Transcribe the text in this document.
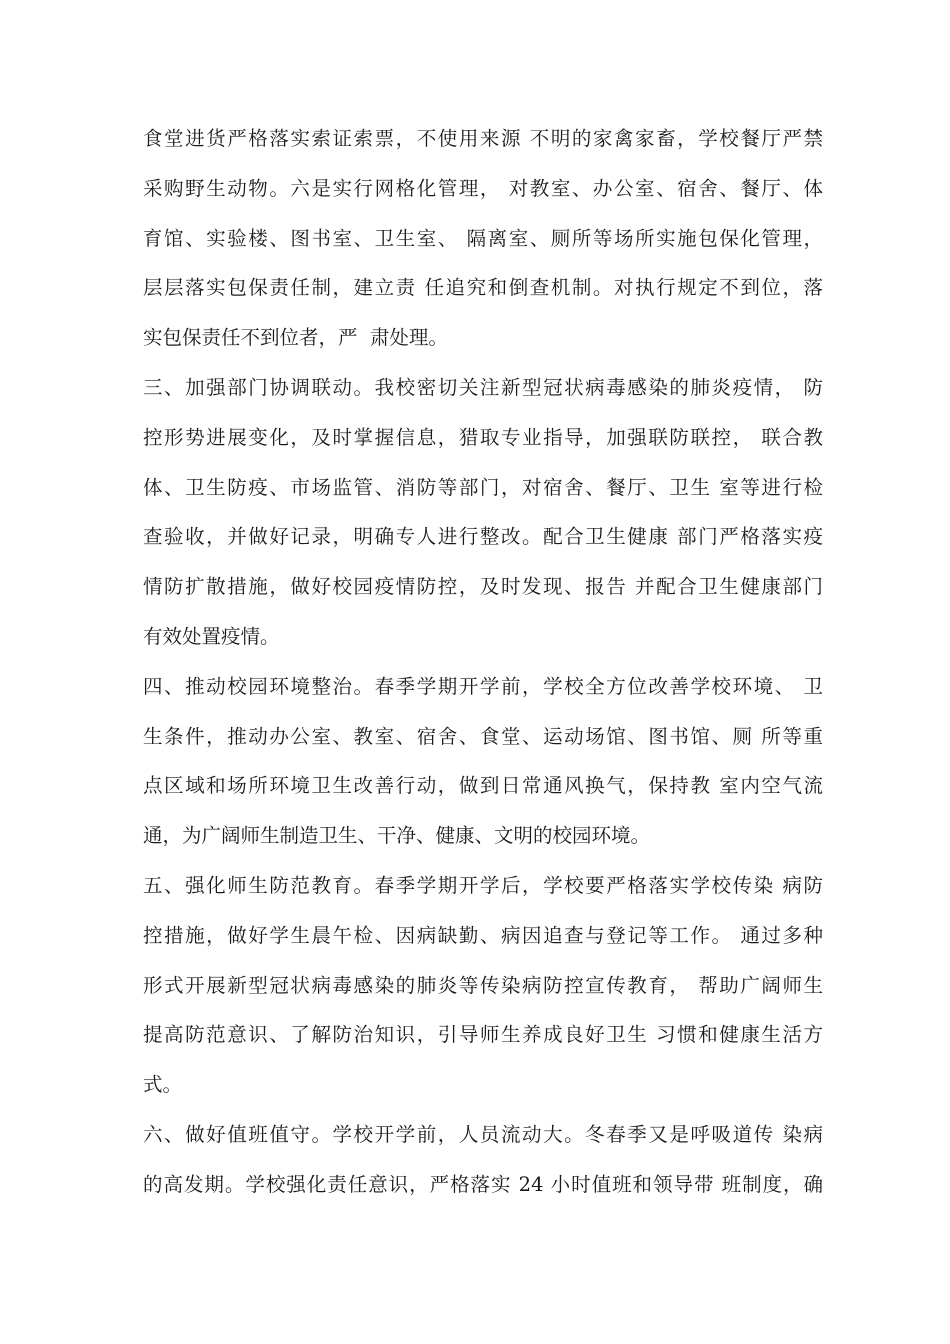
食堂进货严格落实索证索票，不使用来源 不明的家禽家畜，学校餐厅严禁
采购野生动物。六是实行网格化管理， 对教室、办公室、宿舍、餐厅、体
育馆、实验楼、图书室、卫生室、 隔离室、厕所等场所实施包保化管理，
层层落实包保责任制，建立责 任追究和倒查机制。对执行规定不到位，落
实包保责任不到位者，严  肃处理。
三、加强部门协调联动。我校密切关注新型冠状病毒感染的肺炎疫情， 防
控形势进展变化，及时掌握信息，猎取专业指导，加强联防联控， 联合教
体、卫生防疫、市场监管、消防等部门，对宿舍、餐厅、卫生 室等进行检
查验收，并做好记录，明确专人进行整改。配合卫生健康 部门严格落实疫
情防扩散措施，做好校园疫情防控，及时发现、报告 并配合卫生健康部门
有效处置疫情。
四、推动校园环境整治。春季学期开学前，学校全方位改善学校环境、 卫
生条件，推动办公室、教室、宿舍、食堂、运动场馆、图书馆、厕 所等重
点区域和场所环境卫生改善行动，做到日常通风换气，保持教 室内空气流
通，为广阔师生制造卫生、干净、健康、文明的校园环境。
五、强化师生防范教育。春季学期开学后，学校要严格落实学校传染 病防
控措施，做好学生晨午检、因病缺勤、病因追查与登记等工作。 通过多种
形式开展新型冠状病毒感染的肺炎等传染病防控宣传教育， 帮助广阔师生
提高防范意识、了解防治知识，引导师生养成良好卫生 习惯和健康生活方
式。
六、做好值班值守。学校开学前，人员流动大。冬春季又是呼吸道传 染病
的高发期。学校强化责任意识，严格落实 24 小时值班和领导带 班制度，确
